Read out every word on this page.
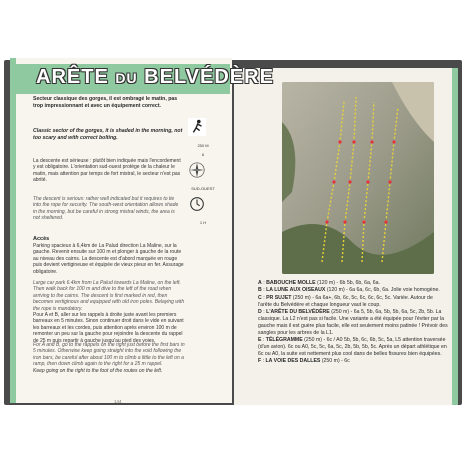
ARÊTE DU BELVÉDÈRE
Secteur classique des gorges, il est ombragé le matin, pas trop impressionnant et avec un équipement correct.
Classic sector of the gorges, it is shaded in the morning, not too scary and with correct bolting.
La descente est sérieuse : plutôt bien indiquée mais l'encordement y est obligatoire. L'orientation sud-ouest protège de la chaleur le matin, mais attention par temps de fort mistral, le secteur n'est pas abrité.
The descent is serious: rather well indicated but it requires to tie into the rope for security. The south-west orientation allows shade in the morning, but be careful in strong mistral winds, the area is not sheltered.
Accès
Parking spacieux à 6,4km de La Palud direction La Maline, sur la gauche. Revenir ensuite sur 100 m et plonger à gauche de la route au niveau des cairns. La descente est d'abord marquée en rouge puis devient vertigineuse et équipée de vieux pieux en fer. Assurage obligatoire.
Large car park 6.4km from La Palud towards La Maline, on the left. Then walk back for 100 m and dive to the left of the road when arriving to the cairns. The descent is first marked in red, then becomes vertiginous and equipped with old iron poles. Belaying with the rope is mandatory.
Pour A et B, aller sur les rappels à droite juste avant les premiers barreaux en 5 minutes. Sinon continuer droit dans le vide en suivant les barreaux et les cordes, puis attention après environ 100 m de remonter un peu sur la gauche pour rejoindre la descente du rappel de 25 m puis repartir à gauche jusqu'au pied des voies.
For A and B, go to the rappels on the right just before the first bars in 5 minutes. Otherwise keep going straight into the void following the iron bars, be careful after about 100 m to climb a little to the left on a ramp, then down climb again to the right for a 25 m rappel.
Keep going on the right to the foot of the routes on the left.
144
250 M
6
SUD-OUEST
1 H
A : BABOUCHE MOLLE (120 m) - 6b 5b, 6b, 6a, 6a.
B : LA LUNE AUX OISEAUX (120 m) - 6a 6a, 6c, 6b, 6a. Jolie voie homogène.
C : PR SUJET (250 m) - 6a 6a+, 6b, 6c, 5c, 6c, 6c, 6c, 5c. Variée. Autour de l'arête du Belvédère et chaque longueur vaut le coup.
D : L'ARÊTE DU BELVÉDÈRE (250 m) - 6a 5, 5b, 6a, 5b, 5b, 6a, 5c, 2b, 5b. La classique. La L2 n'est pas si facile. Une variante a été équipée pour l'éviter par la gauche mais il est guère plus facile, elle est seulement moins patinée ! Prévoir des sangles pour les arbres de la L1.
E : TÉLÉGRAMME (250 m) - 6c / A0 5b, 5b, 6c, 6b, 5c, 5a, L5 attention traversée (d'un avion). 6c ou A0, 5c, 5c, 6a, 5c, 2b, 5b, 5b, 5c. Après un départ athlétique en 6c ou A0, la suite est nettement plus cool dans de belles fissures bien équipées.
F : LA VOIE DES DALLES (250 m) - 6c
